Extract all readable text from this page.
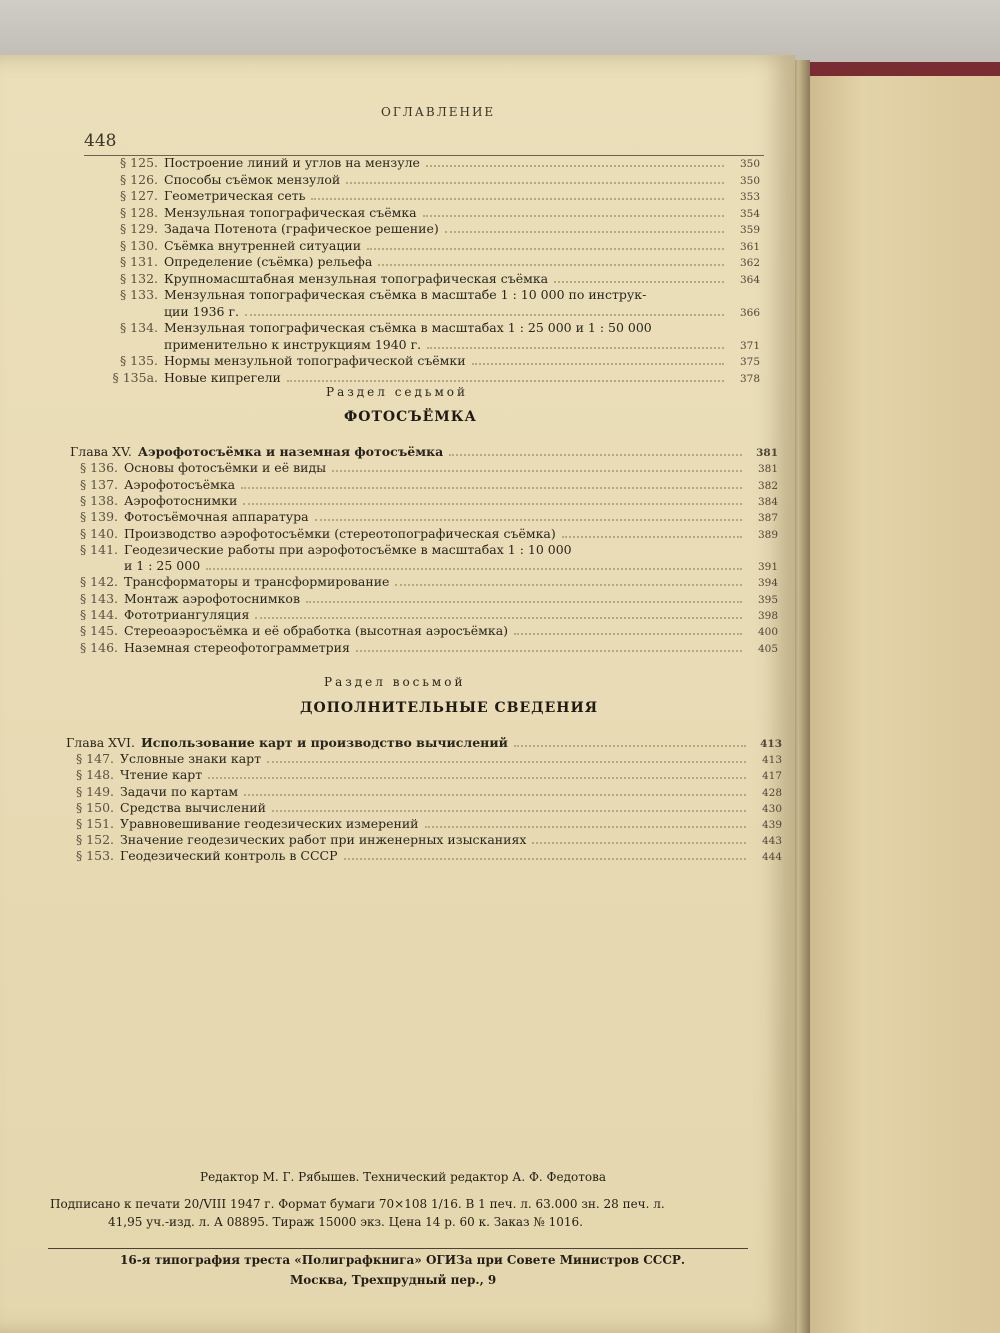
ОГЛАВЛЕНИЕ
448
§ 125. Построение линий и углов на мензуле	350
§ 126. Способы съёмок мензулой	350
§ 127. Геометрическая сеть	353
§ 128. Мензульная топографическая съёмка	354
§ 129. Задача Потенота (графическое решение)	359
§ 130. Съёмка внутренней ситуации	361
§ 131. Определение (съёмка) рельефа	362
§ 132. Крупномасштабная мензульная топографическая съёмка	364
§ 133. Мензульная топографическая съёмка в масштабе 1 : 10 000 по инструк-
ции 1936 г.	366
§ 134. Мензульная топографическая съёмка в масштабах 1 : 25 000 и 1 : 50 000
применительно к инструкциям 1940 г.	371
§ 135. Нормы мензульной топографической съёмки	375
§ 135а. Новые кипрегели	378
Раздел седьмой
ФОТОСЪЁМКА
Глава XV. Аэрофотосъёмка и наземная фотосъёмка	381
§ 136. Основы фотосъёмки и её виды	381
§ 137. Аэрофотосъёмка	382
§ 138. Аэрофотоснимки	384
§ 139. Фотосъёмочная аппаратура	387
§ 140. Производство аэрофотосъёмки (стереотопографическая съёмка)	389
§ 141. Геодезические работы при аэрофотосъёмке в масштабах 1 : 10 000
и 1 : 25 000	391
§ 142. Трансформаторы и трансформирование	394
§ 143. Монтаж аэрофотоснимков	395
§ 144. Фототриангуляция	398
§ 145. Стереоаэросъёмка и её обработка (высотная аэросъёмка)	400
§ 146. Наземная стереофотограмметрия	405
Раздел восьмой
ДОПОЛНИТЕЛЬНЫЕ СВЕДЕНИЯ
Глава XVI. Использование карт и производство вычислений	413
§ 147. Условные знаки карт	413
§ 148. Чтение карт	417
§ 149. Задачи по картам	428
§ 150. Средства вычислений	430
§ 151. Уравновешивание геодезических измерений	439
§ 152. Значение геодезических работ при инженерных изысканиях	443
§ 153. Геодезический контроль в СССР	444
Редактор М. Г. Рябышев. Технический редактор А. Ф. Федотова
Подписано к печати 20/VIII 1947 г. Формат бумаги 70×108 1/16. В 1 печ. л. 63.000 зн. 28 печ. л.
41,95 уч.-изд. л. А 08895. Тираж 15000 экз. Цена 14 р. 60 к. Заказ № 1016.
16-я типография треста «Полиграфкнига» ОГИЗа при Совете Министров СССР.
Москва, Трехпрудный пер., 9
